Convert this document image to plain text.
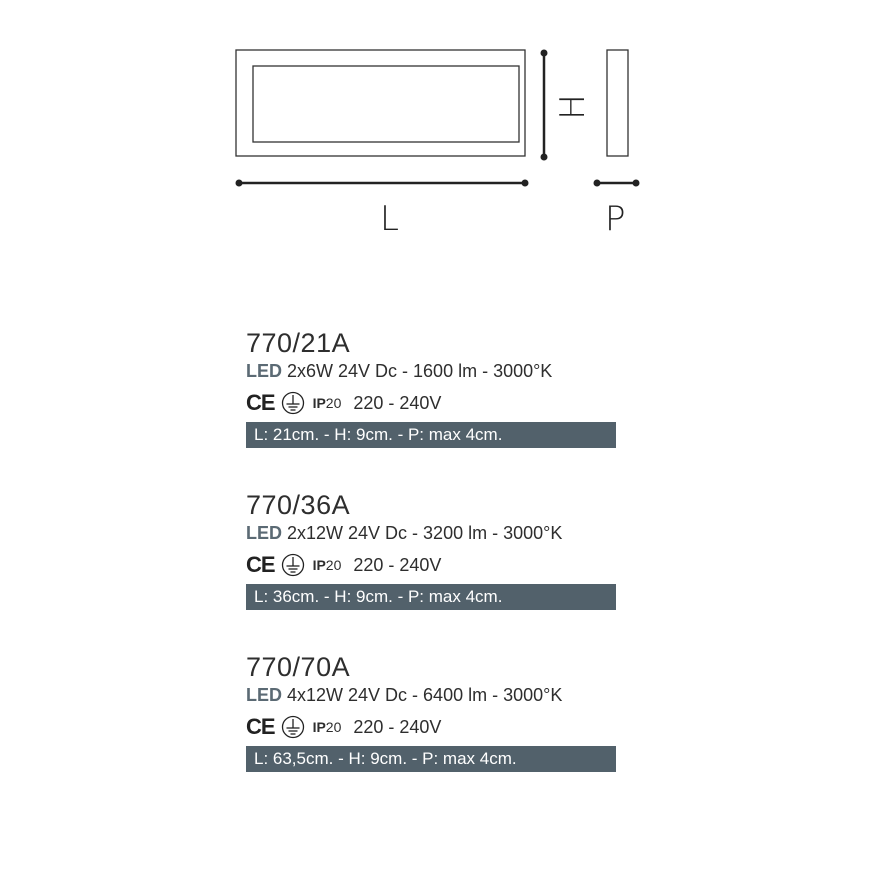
H
L	P
770/21A
LED 2x6W 24V Dc - 1600 lm - 3000°K
CE	IP20 220 - 240V
L: 21cm. - H: 9cm. - P: max 4cm.
770/36A
LED 2x12W 24V Dc - 3200 lm - 3000°K
CE	IP20 220 - 240V
L: 36cm. - H: 9cm. - P: max 4cm.
770/70A
LED 4x12W 24V Dc - 6400 lm - 3000°K
CE	IP20 220 - 240V
L: 63,5cm. - H: 9cm. - P: max 4cm.
